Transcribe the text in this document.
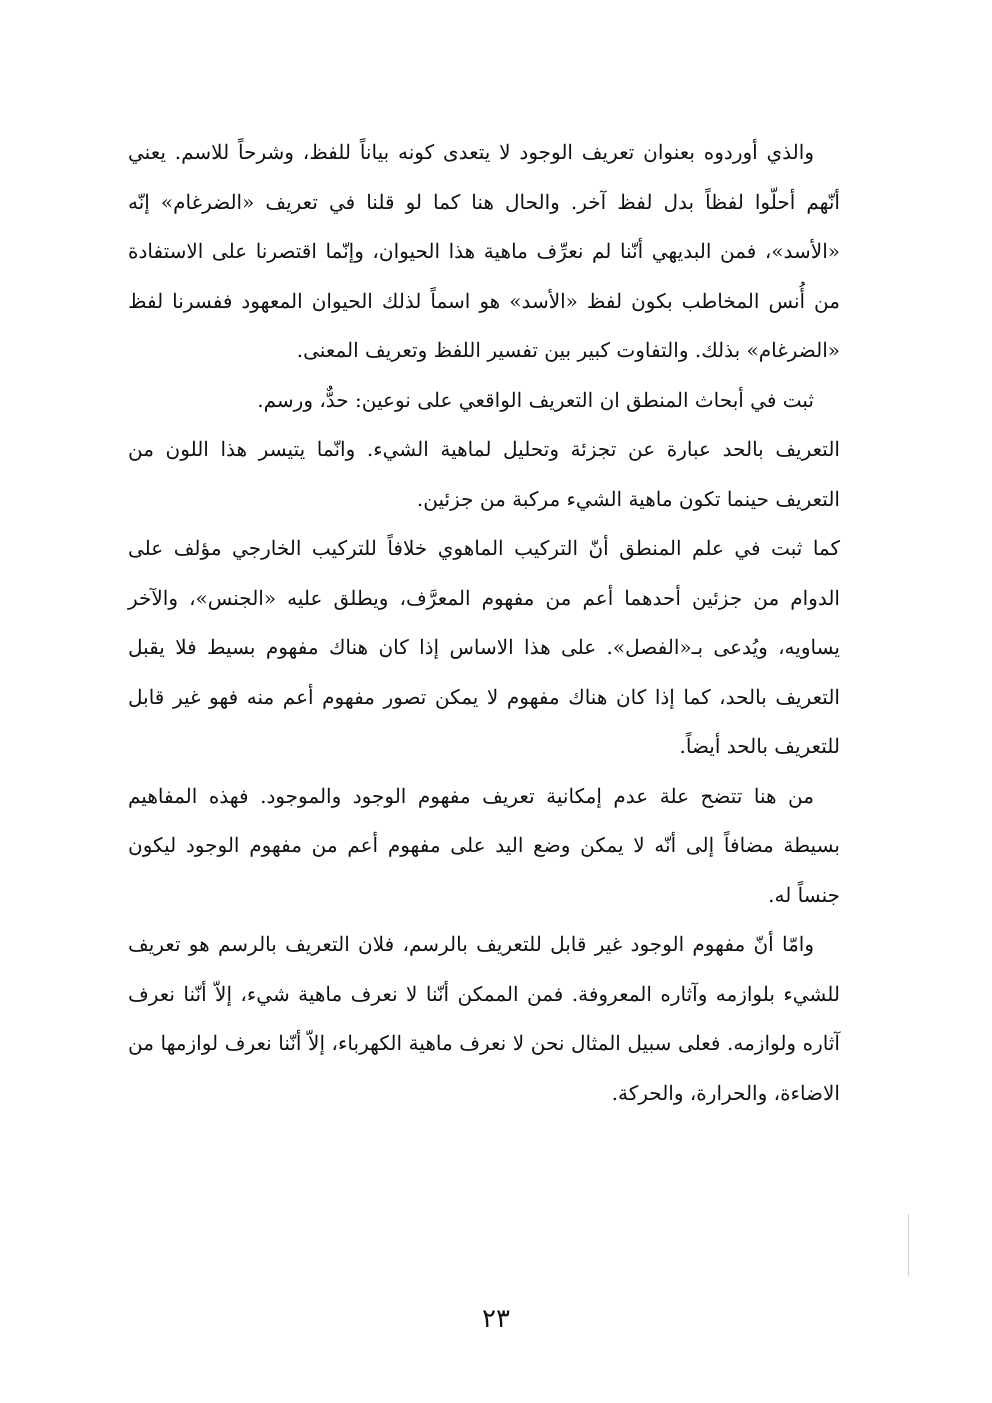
والذي أوردوه بعنوان تعريف الوجود لا يتعدى كونه بياناً للفظ، وشرحاً للاسم. يعني أنّهم أحلّوا لفظاً بدل لفظ آخر. والحال هنا كما لو قلنا في تعريف «الضرغام» إنّه «الأسد»، فمن البديهي أنّنا لم نعرِّف ماهية هذا الحيوان، وإنّما اقتصرنا على الاستفادة من أُنس المخاطب بكون لفظ «الأسد» هو اسماً لذلك الحيوان المعهود ففسرنا لفظ «الضرغام» بذلك. والتفاوت كبير بين تفسير اللفظ وتعريف المعنى.

ثبت في أبحاث المنطق ان التعريف الواقعي على نوعين: حدٌّ، ورسم.

التعريف بالحد عبارة عن تجزئة وتحليل لماهية الشيء. وانّما يتيسر هذا اللون من التعريف حينما تكون ماهية الشيء مركبة من جزئين.

كما ثبت في علم المنطق أنّ التركيب الماهوي خلافاً للتركيب الخارجي مؤلف على الدوام من جزئين أحدهما أعم من مفهوم المعرَّف، ويطلق عليه «الجنس»، والآخر يساويه، ويُدعى بـ«الفصل». على هذا الاساس إذا كان هناك مفهوم بسيط فلا يقبل التعريف بالحد، كما إذا كان هناك مفهوم لا يمكن تصور مفهوم أعم منه فهو غير قابل للتعريف بالحد أيضاً.

من هنا تتضح علة عدم إمكانية تعريف مفهوم الوجود والموجود. فهذه المفاهيم بسيطة مضافاً إلى أنّه لا يمكن وضع اليد على مفهوم أعم من مفهوم الوجود ليكون جنساً له.

وامّا أنّ مفهوم الوجود غير قابل للتعريف بالرسم، فلان التعريف بالرسم هو تعريف للشيء بلوازمه وآثاره المعروفة. فمن الممكن أنّنا لا نعرف ماهية شيء، إلاّ أنّنا نعرف آثاره ولوازمه. فعلى سبيل المثال نحن لا نعرف ماهية الكهرباء، إلاّ أنّنا نعرف لوازمها من الاضاءة، والحرارة، والحركة.

٢٣
